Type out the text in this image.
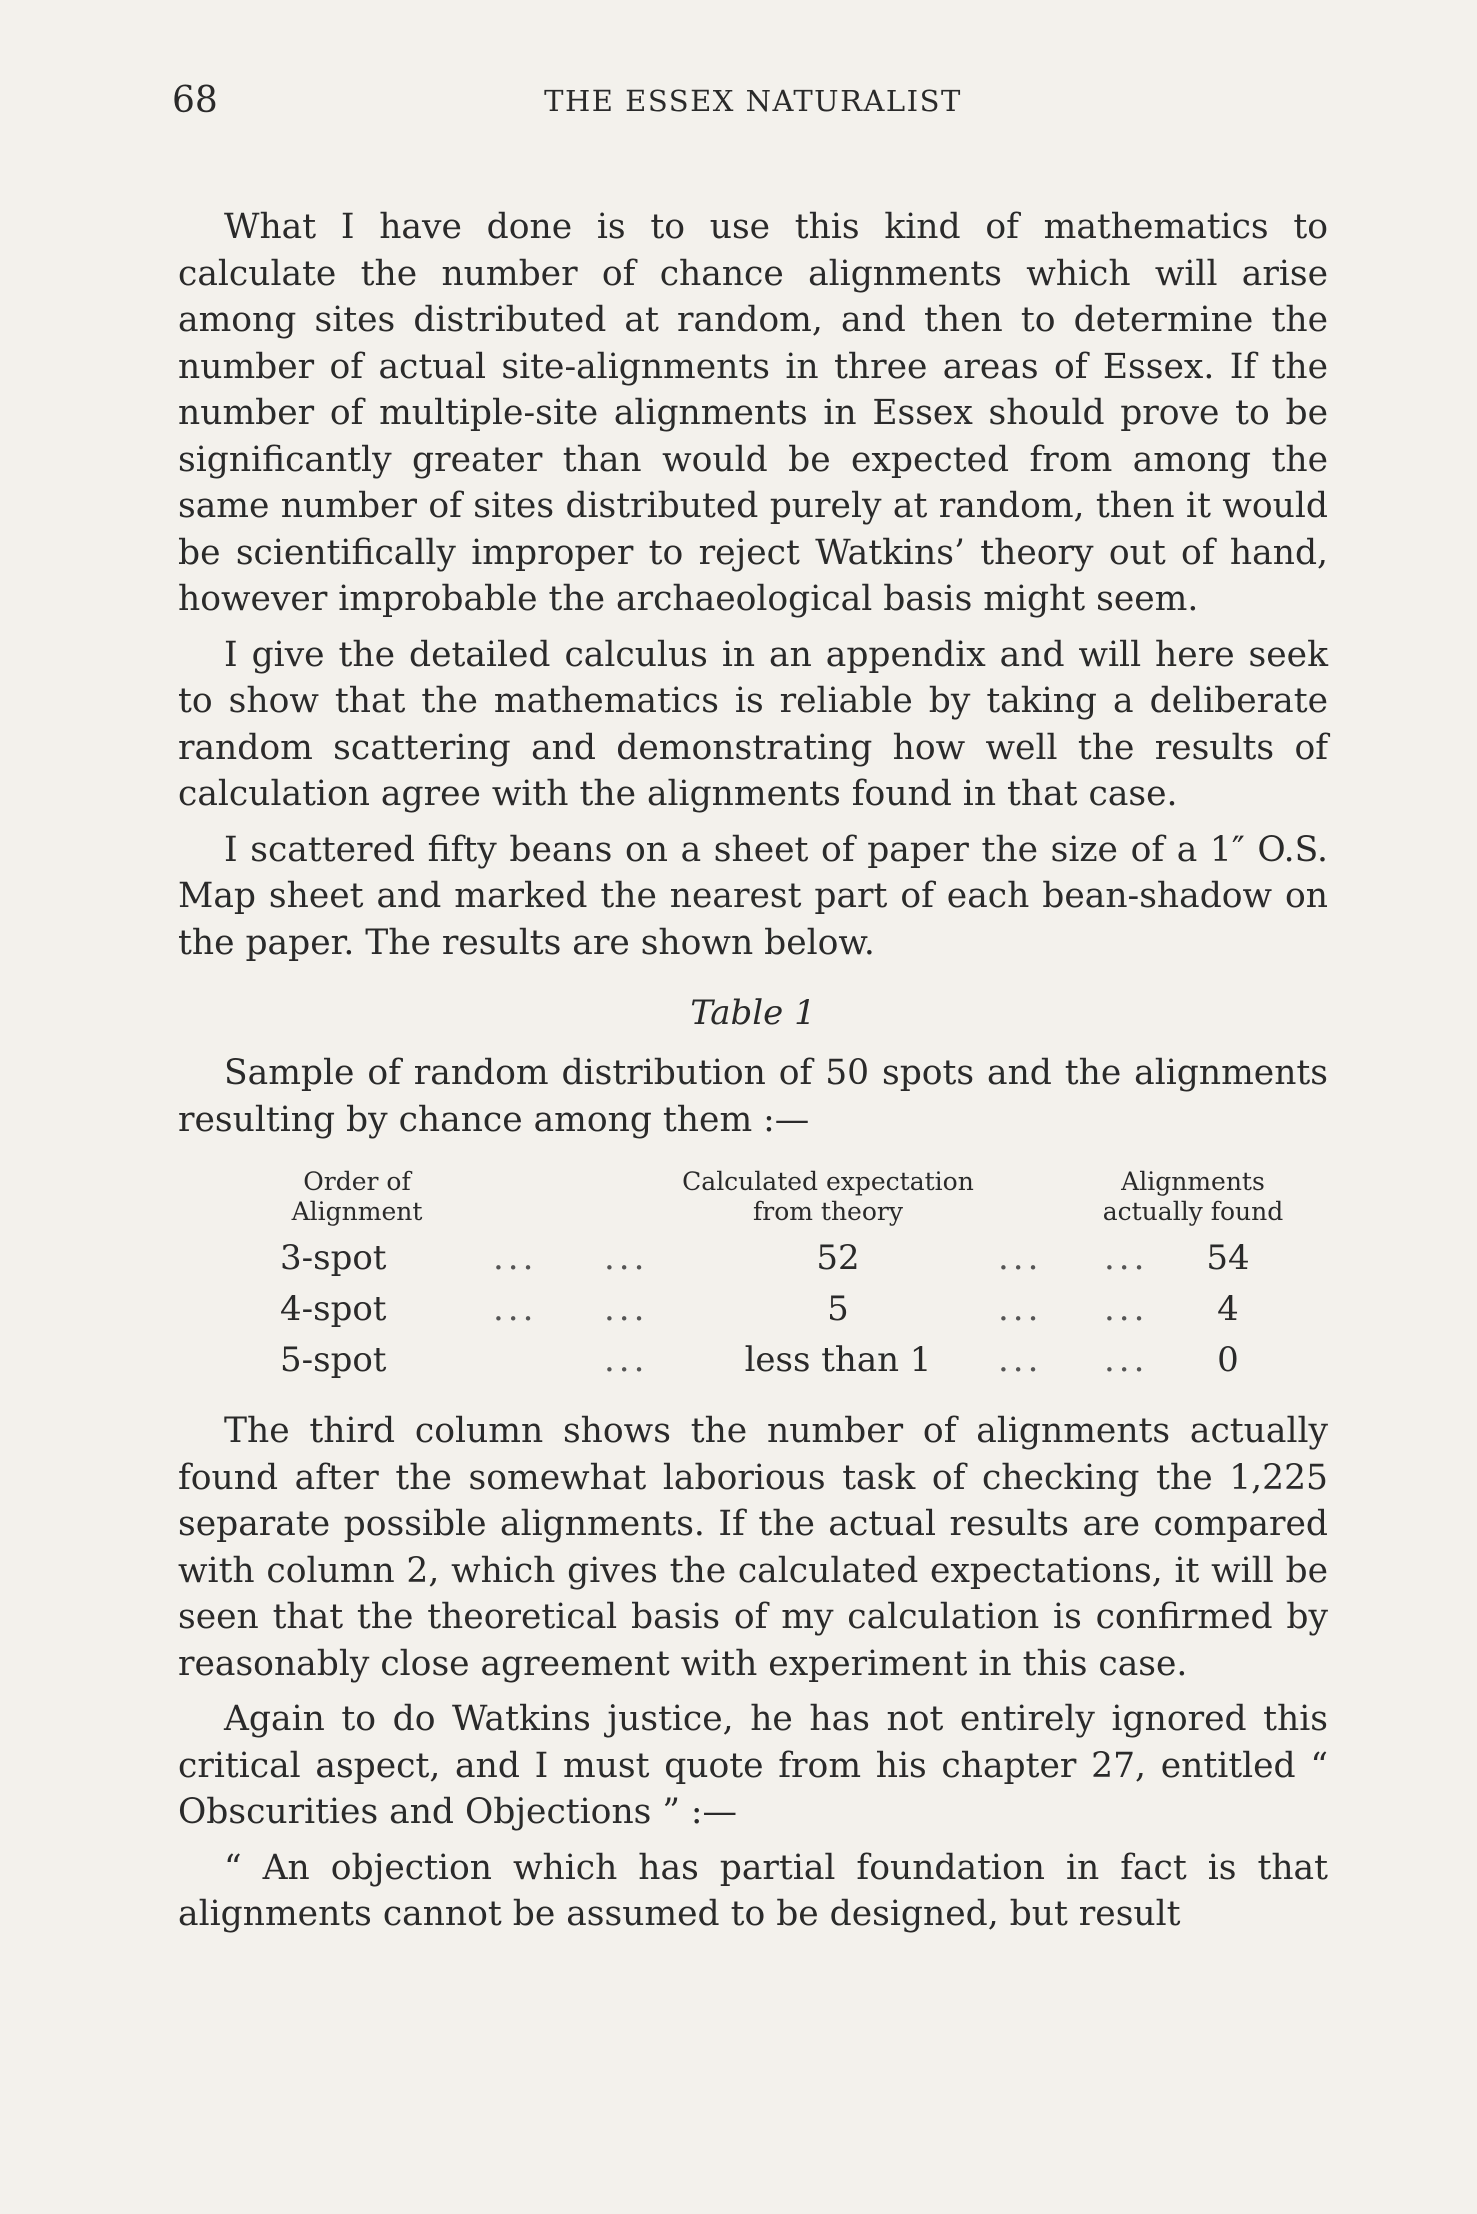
68	THE ESSEX NATURALIST

What I have done is to use this kind of mathematics to calculate the number of chance alignments which will arise among sites distributed at random, and then to determine the number of actual site-alignments in three areas of Essex. If the number of multiple-site alignments in Essex should prove to be significantly greater than would be expected from among the same number of sites distributed purely at random, then it would be scientifically improper to reject Watkins’ theory out of hand, however improbable the archaeological basis might seem.

I give the detailed calculus in an appendix and will here seek to show that the mathematics is reliable by taking a deliberate random scattering and demonstrating how well the results of calculation agree with the alignments found in that case.

I scattered fifty beans on a sheet of paper the size of a 1″ O.S. Map sheet and marked the nearest part of each bean-shadow on the paper. The results are shown below.

Table 1

Sample of random distribution of 50 spots and the alignments resulting by chance among them :—

Order of
Alignment
Calculated expectation
from theory
Alignments
actually found
3-spot	... ...	52	... ... 54
4-spot	... ...	5	... ...	4
5-spot	...	less than 1	... ...	0

The third column shows the number of alignments actually found after the somewhat laborious task of checking the 1,225 separate possible alignments. If the actual results are compared with column 2, which gives the calculated expectations, it will be seen that the theoretical basis of my calculation is confirmed by reasonably close agreement with experiment in this case.

Again to do Watkins justice, he has not entirely ignored this critical aspect, and I must quote from his chapter 27, entitled “ Obscurities and Objections ” :—

“ An objection which has partial foundation in fact is that alignments cannot be assumed to be designed, but result
